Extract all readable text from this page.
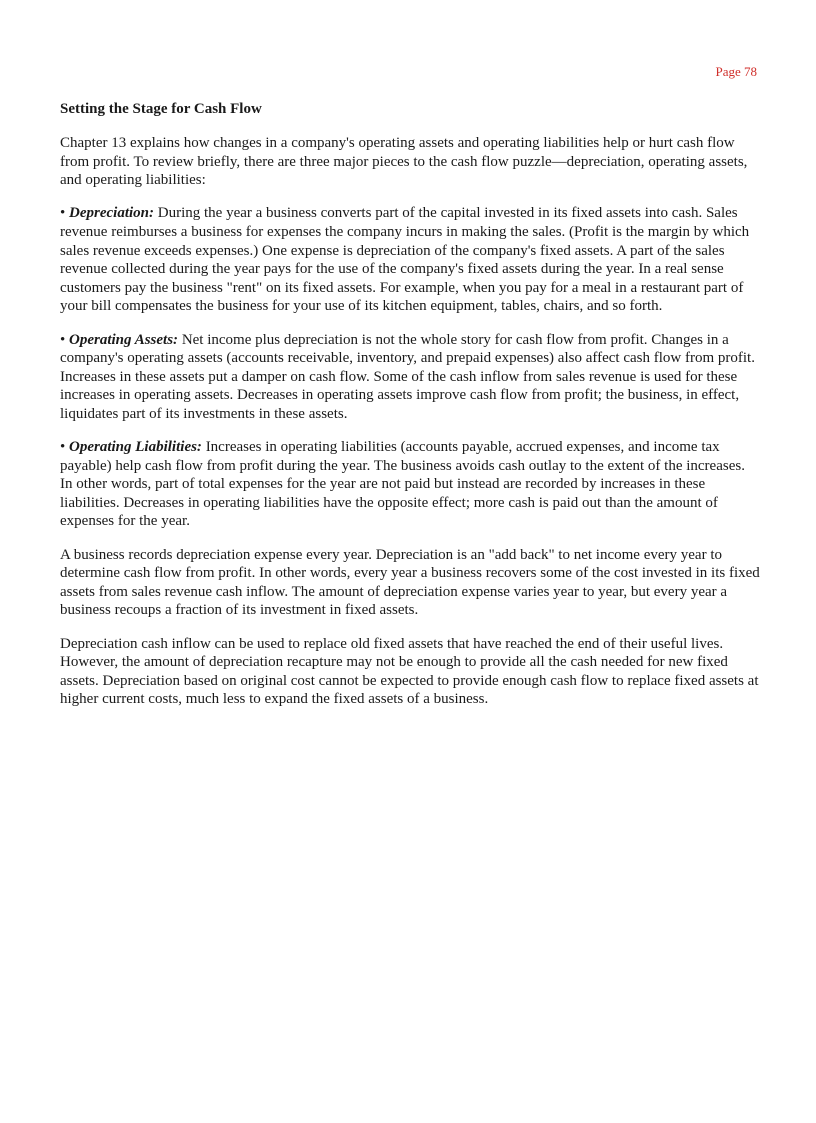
Page 78
Setting the Stage for Cash Flow

Chapter 13 explains how changes in a company's operating assets and operating liabilities help or hurt cash flow from profit. To review briefly, there are three major pieces to the cash flow puzzle—depreciation, operating assets, and operating liabilities:

• Depreciation: During the year a business converts part of the capital invested in its fixed assets into cash. Sales revenue reimburses a business for expenses the company incurs in making the sales. (Profit is the margin by which sales revenue exceeds expenses.) One expense is depreciation of the company's fixed assets. A part of the sales revenue collected during the year pays for the use of the company's fixed assets during the year. In a real sense customers pay the business "rent" on its fixed assets. For example, when you pay for a meal in a restaurant part of your bill compensates the business for your use of its kitchen equipment, tables, chairs, and so forth.

• Operating Assets: Net income plus depreciation is not the whole story for cash flow from profit. Changes in a company's operating assets (accounts receivable, inventory, and prepaid expenses) also affect cash flow from profit. Increases in these assets put a damper on cash flow. Some of the cash inflow from sales revenue is used for these increases in operating assets. Decreases in operating assets improve cash flow from profit; the business, in effect, liquidates part of its investments in these assets.

• Operating Liabilities: Increases in operating liabilities (accounts payable, accrued expenses, and income tax payable) help cash flow from profit during the year. The business avoids cash outlay to the extent of the increases. In other words, part of total expenses for the year are not paid but instead are recorded by increases in these liabilities. Decreases in operating liabilities have the opposite effect; more cash is paid out than the amount of expenses for the year.

A business records depreciation expense every year. Depreciation is an "add back" to net income every year to determine cash flow from profit. In other words, every year a business recovers some of the cost invested in its fixed assets from sales revenue cash inflow. The amount of depreciation expense varies year to year, but every year a business recoups a fraction of its investment in fixed assets.

Depreciation cash inflow can be used to replace old fixed assets that have reached the end of their useful lives. However, the amount of depreciation recapture may not be enough to provide all the cash needed for new fixed assets. Depreciation based on original cost cannot be expected to provide enough cash flow to replace fixed assets at higher current costs, much less to expand the fixed assets of a business.
